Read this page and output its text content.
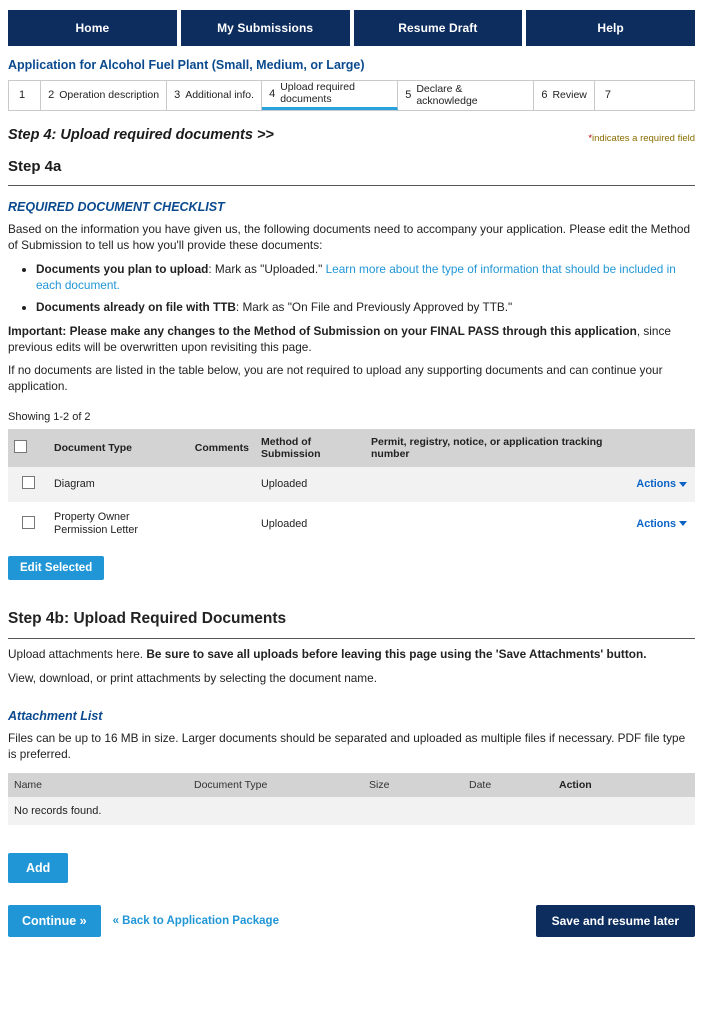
Home	My Submissions	Resume Draft	Help
Application for Alcohol Fuel Plant (Small, Medium, or Large)
1 2 Operation description 3 Additional info. 4
Upload required documents	5
Declare & acknowledge	6 Review 7
Step 4: Upload required documents >>	*indicates a required field
Step 4a
REQUIRED DOCUMENT CHECKLIST

Based on the information you have given us, the following documents need to accompany your application. Please edit the Method of Submission to tell us how you'll provide these documents:

• Documents you plan to upload: Mark as "Uploaded." Learn more about the type of information that should be included in each document.
• Documents already on file with TTB: Mark as "On File and Previously Approved by TTB."

Important: Please make any changes to the Method of Submission on your FINAL PASS through this application, since previous edits will be overwritten upon revisiting this page.

If no documents are listed in the table below, you are not required to upload any supporting documents and can continue your application.

Showing 1-2 of 2
	Document Type	Comments	Method of Submission	Permit, registry, notice, or application tracking number	
	Diagram		Uploaded		Actions
	Property Owner Permission Letter		Uploaded		Actions
Edit Selected
Step 4b: Upload Required Documents

Upload attachments here. Be sure to save all uploads before leaving this page using the 'Save Attachments' button.

View, download, or print attachments by selecting the document name.

Attachment List

Files can be up to 16 MB in size. Larger documents should be separated and uploaded as multiple files if necessary. PDF file type is preferred.

Name	Document Type	Size	Date	Action
No records found.
Add
Continue »	« Back to Application Package	Save and resume later
